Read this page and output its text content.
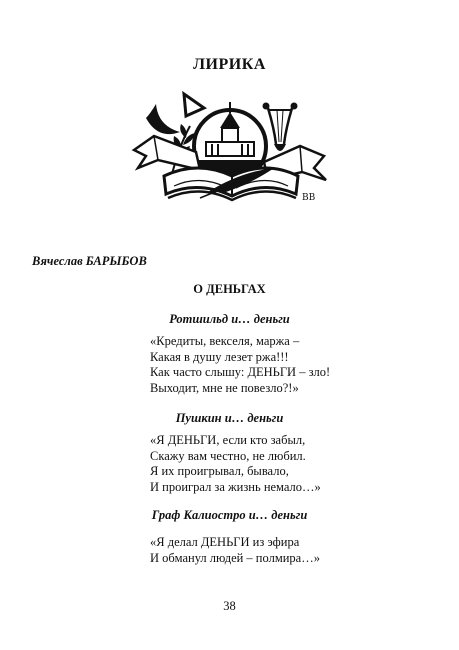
ЛИРИКА
ВВ
Вячеслав БАРЫБОВ
О ДЕНЬГАХ
Ротшильд и… деньги
«Кредиты, векселя, маржа –
Какая в душу лезет ржа!!!
Как часто слышу: ДЕНЬГИ – зло!
Выходит, мне не повезло?!»
Пушкин и… деньги
«Я ДЕНЬГИ, если кто забыл,
Скажу вам честно, не любил.
Я их проигрывал, бывало,
И проиграл за жизнь немало…»
Граф Калиостро и… деньги
«Я делал ДЕНЬГИ из эфира
И обманул людей – полмира…»
38
